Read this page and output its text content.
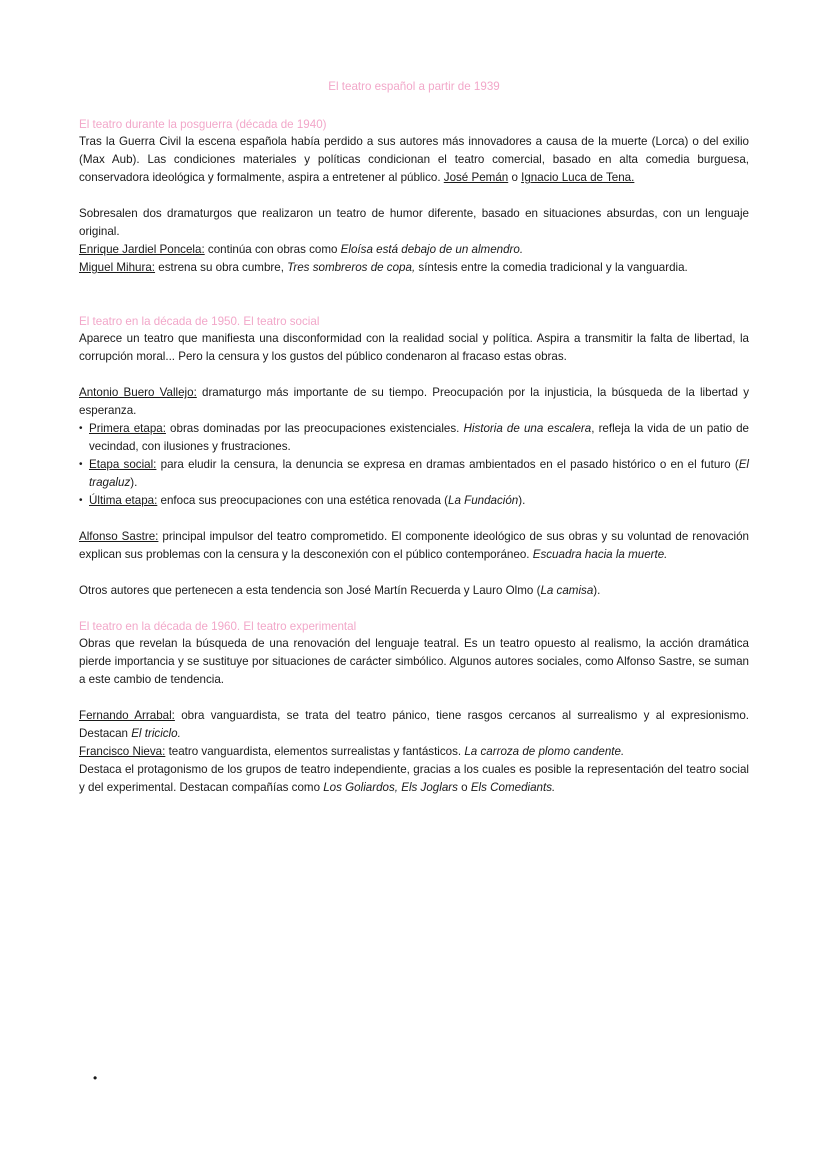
El teatro español a partir de 1939
El teatro durante la posguerra (década de 1940)

Tras la Guerra Civil la escena española había perdido a sus autores más innovadores a causa de la muerte (Lorca) o del exilio (Max Aub). Las condiciones materiales y políticas condicionan el teatro comercial, basado en alta comedia burguesa, conservadora ideológica y formalmente, aspira a entretener al público. José Pemán o Ignacio Luca de Tena.

Sobresalen dos dramaturgos que realizaron un teatro de humor diferente, basado en situaciones absurdas, con un lenguaje original.

Enrique Jardiel Poncela: continúa con obras como Eloísa está debajo de un almendro.

Miguel Mihura: estrena su obra cumbre, Tres sombreros de copa, síntesis entre la comedia tradicional y la vanguardia.

El teatro en la década de 1950. El teatro social

Aparece un teatro que manifiesta una disconformidad con la realidad social y política. Aspira a transmitir la falta de libertad, la corrupción moral... Pero la censura y los gustos del público condenaron al fracaso estas obras.

Antonio Buero Vallejo: dramaturgo más importante de su tiempo. Preocupación por la injusticia, la búsqueda de la libertad y esperanza.

• Primera etapa: obras dominadas por las preocupaciones existenciales. Historia de una escalera, refleja la vida de un patio de vecindad, con ilusiones y frustraciones.
• Etapa social: para eludir la censura, la denuncia se expresa en dramas ambientados en el pasado histórico o en el futuro (El tragaluz).
• Última etapa: enfoca sus preocupaciones con una estética renovada (La Fundación).

Alfonso Sastre: principal impulsor del teatro comprometido. El componente ideológico de sus obras y su voluntad de renovación explican sus problemas con la censura y la desconexión con el público contemporáneo. Escuadra hacia la muerte.

Otros autores que pertenecen a esta tendencia son José Martín Recuerda y Lauro Olmo (La camisa).

El teatro en la década de 1960. El teatro experimental

Obras que revelan la búsqueda de una renovación del lenguaje teatral. Es un teatro opuesto al realismo, la acción dramática pierde importancia y se sustituye por situaciones de carácter simbólico. Algunos autores sociales, como Alfonso Sastre, se suman a este cambio de tendencia.

Fernando Arrabal: obra vanguardista, se trata del teatro pánico, tiene rasgos cercanos al surrealismo y al expresionismo. Destacan El triciclo.

Francisco Nieva: teatro vanguardista, elementos surrealistas y fantásticos. La carroza de plomo candente.

Destaca el protagonismo de los grupos de teatro independiente, gracias a los cuales es posible la representación del teatro social y del experimental. Destacan compañías como Los Goliardos, Els Joglars o Els Comediants.

•
